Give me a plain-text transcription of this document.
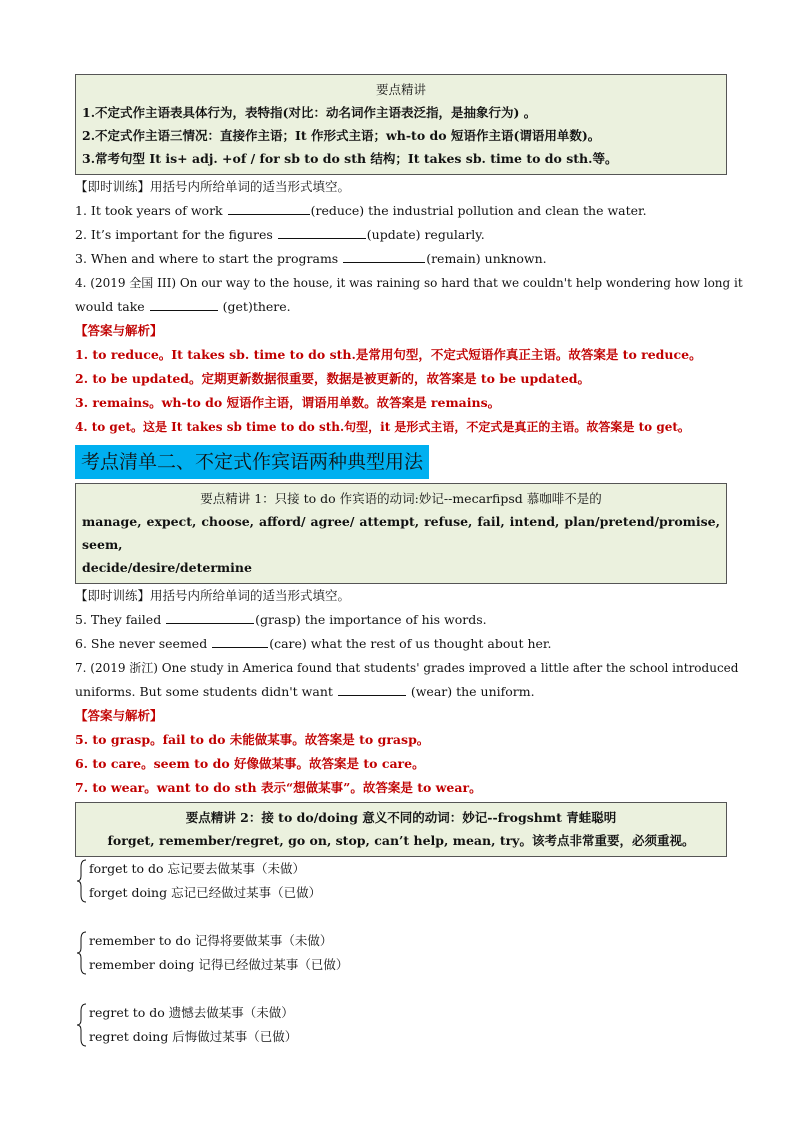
要点精讲
1.不定式作主语表具体行为，表特指(对比：动名词作主语表泛指，是抽象行为) 。
2.不定式作主语三情况：直接作主语；It 作形式主语；wh-to do 短语作主语(谓语用单数)。
3.常考句型 It is+ adj. +of / for sb to do sth 结构；It takes sb. time to do sth.等。
【即时训练】用括号内所给单词的适当形式填空。
1. It took years of work	(reduce) the industrial pollution and clean the water.
2. It’s important for the figures	(update) regularly.
3. When and where to start the programs	(remain) unknown.
4. (2019 全国 III) On our way to the house, it was raining so hard that we couldn't help wondering how long it
would take	(get)there.
【答案与解析】
1. to reduce。It takes sb. time to do sth.是常用句型，不定式短语作真正主语。故答案是 to reduce。
2. to be updated。定期更新数据很重要，数据是被更新的，故答案是 to be updated。
3. remains。wh-to do 短语作主语，谓语用单数。故答案是 remains。
4. to get。这是 It takes sb time to do sth.句型，it 是形式主语，不定式是真正的主语。故答案是 to get。
考点清单二、不定式作宾语两种典型用法
要点精讲 1：只接 to do 作宾语的动词:妙记--mecarfipsd 慕咖啡不是的
manage, expect, choose, afford/ agree/ attempt, refuse, fail, intend, plan/pretend/promise, seem,
decide/desire/determine
【即时训练】用括号内所给单词的适当形式填空。
5. They failed	(grasp) the importance of his words.
6. She never seemed	(care) what the rest of us thought about her.
7. (2019 浙江) One study in America found that students' grades improved a little after the school introduced
uniforms. But some students didn't want	(wear) the uniform.
【答案与解析】
5. to grasp。fail to do 未能做某事。故答案是 to grasp。
6. to care。seem to do 好像做某事。故答案是 to care。
7. to wear。want to do sth 表示“想做某事”。故答案是 to wear。
要点精讲 2：接 to do/doing 意义不同的动词：妙记--frogshmt 青蛙聪明
forget, remember/regret, go on, stop, can’t help, mean, try。该考点非常重要，必须重视。
forget to do 忘记要去做某事（未做）
forget doing 忘记已经做过某事（已做）
remember to do 记得将要做某事（未做）
remember doing 记得已经做过某事（已做）
regret to do 遗憾去做某事（未做）
regret doing 后悔做过某事（已做）
